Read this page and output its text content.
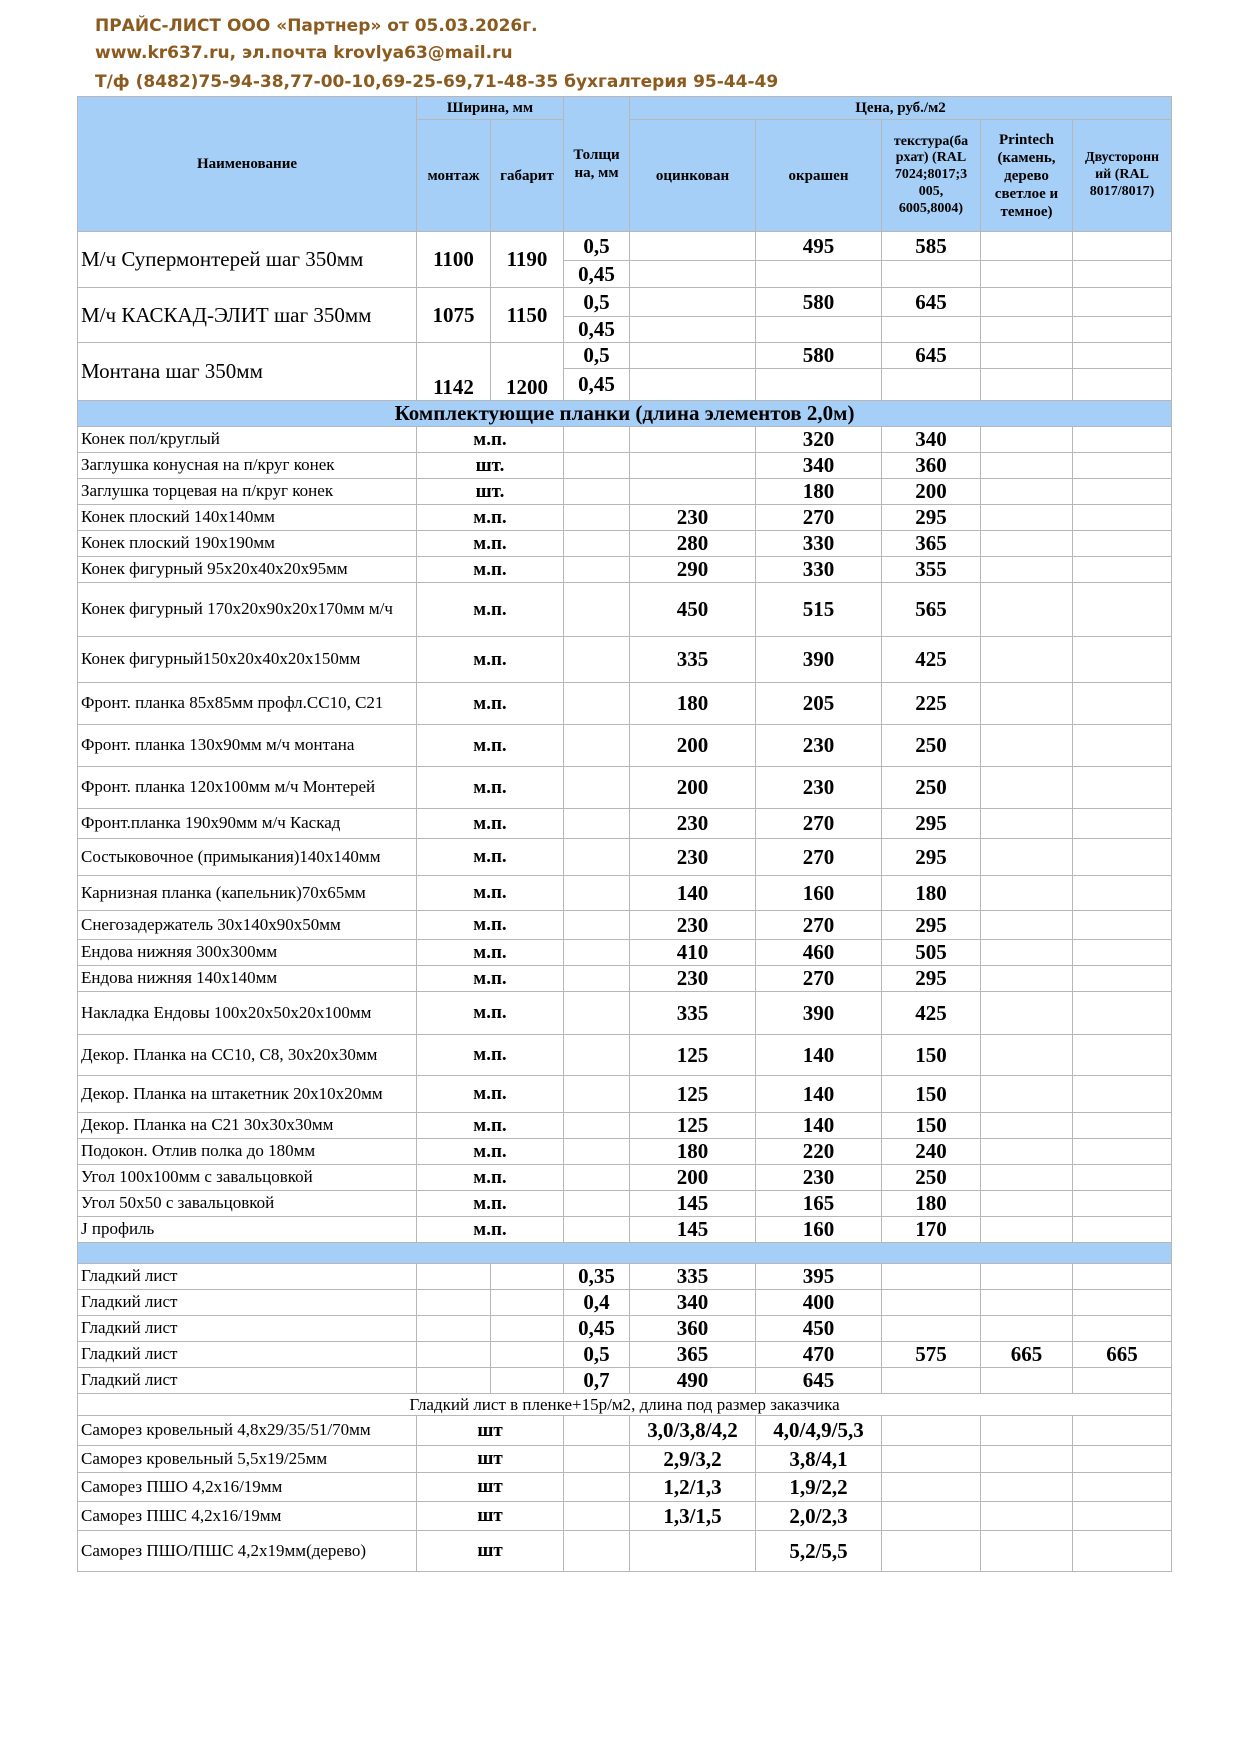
ПРАЙС-ЛИСТ ООО «Партнер» от 05.03.2026г.
www.kr637.ru, эл.почта krovlya63@mail.ru
Т/ф (8482)75-94-38,77-00-10,69-25-69,71-48-35 бухгалтерия 95-44-49
Наименование	Ширина, мм		Толщи на, мм	Цена, руб./м2				
	монтаж	габарит		оцинкован	окрашен	текстура(ба рхат) (RAL 7024;8017;3 005, 6005,8004)	Printech (камень, дерево светлое и темное)	Двусторонн ий (RAL 8017/8017)
М/ч Супермонтерей шаг 350мм	1100	1190	0,5		495	585		
			0,45					
М/ч КАСКАД-ЭЛИТ шаг 350мм	1075	1150	0,5		580	645		
			0,45					
Монтана шаг 350мм	1142	1200	0,5		580	645		
			0,45					
Комплектующие планки (длина элементов 2,0м)								
Конек пол/круглый	м.п.				320	340		
Заглушка конусная на п/круг конек	шт.				340	360		
Заглушка торцевая на п/круг конек	шт.				180	200		
Конек плоский 140х140мм	м.п.			230	270	295		
Конек плоский 190х190мм	м.п.			280	330	365		
Конек фигурный 95х20х40х20х95мм	м.п.			290	330	355		
Конек фигурный 170х20х90х20х170мм м/ч	м.п.			450	515	565		
Конек фигурный150х20х40х20х150мм	м.п.			335	390	425		
Фронт. планка 85х85мм профл.СС10, С21	м.п.			180	205	225		
Фронт. планка 130х90мм м/ч монтана	м.п.			200	230	250		
Фронт. планка 120х100мм м/ч Монтерей	м.п.			200	230	250		
Фронт.планка 190х90мм м/ч Каскад	м.п.			230	270	295		
Состыковочное (примыкания)140х140мм	м.п.			230	270	295		
Карнизная планка (капельник)70х65мм	м.п.			140	160	180		
Снегозадержатель 30х140х90х50мм	м.п.			230	270	295		
Ендова нижняя 300х300мм	м.п.			410	460	505		
Ендова нижняя 140х140мм	м.п.			230	270	295		
Накладка Ендовы 100х20х50х20х100мм	м.п.			335	390	425		
Декор. Планка на СС10, С8, 30х20х30мм	м.п.			125	140	150		
Декор. Планка на штакетник 20х10х20мм	м.п.			125	140	150		
Декор. Планка на С21 30х30х30мм	м.п.			125	140	150		
Подокон. Отлив полка до 180мм	м.п.			180	220	240		
Угол 100х100мм с завальцовкой	м.п.			200	230	250		
Угол 50х50 с завальцовкой	м.п.			145	165	180		
J профиль	м.п.			145	160	170		

Гладкий лист			0,35	335	395			
Гладкий лист			0,4	340	400			
Гладкий лист			0,45	360	450			
Гладкий лист			0,5	365	470	575	665	665
Гладкий лист			0,7	490	645			
Гладкий лист в пленке+15р/м2, длина под размер заказчика								
Саморез кровельный 4,8х29/35/51/70мм	шт			3,0/3,8/4,2	4,0/4,9/5,3			
Саморез кровельный 5,5х19/25мм	шт			2,9/3,2	3,8/4,1			
Саморез ПШО 4,2х16/19мм	шт			1,2/1,3	1,9/2,2			
Саморез ПШС 4,2х16/19мм	шт			1,3/1,5	2,0/2,3			
Саморез ПШО/ПШС 4,2х19мм(дерево)	шт				5,2/5,5			
